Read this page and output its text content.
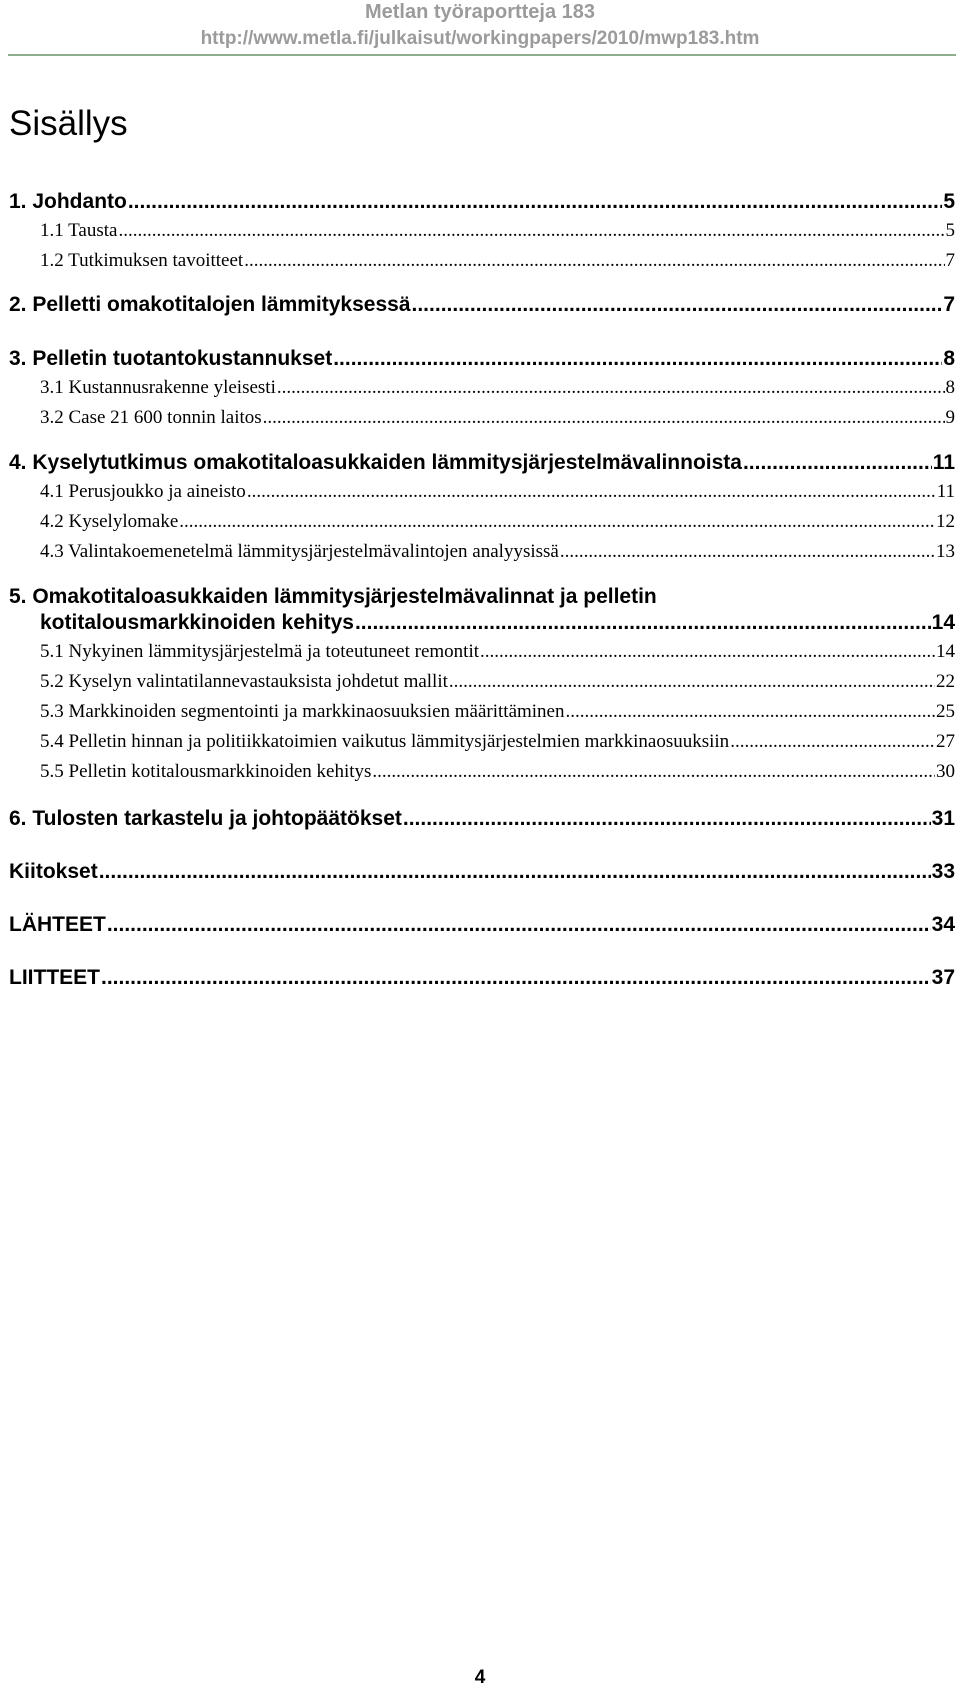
Metlan työraportteja 183
http://www.metla.fi/julkaisut/workingpapers/2010/mwp183.htm
Sisällys
1. Johdanto .....	5
1.1 Tausta .....	5
1.2 Tutkimuksen tavoitteet .....	7
2. Pelletti omakotitalojen lämmityksessä .....	7
3. Pelletin tuotantokustannukset .....	8
3.1 Kustannusrakenne yleisesti .....	8
3.2 Case 21 600 tonnin laitos .....	9
4. Kyselytutkimus omakotitaloasukkaiden lämmitysjärjestelmävalinnoista .....	11
4.1 Perusjoukko ja aineisto .....	11
4.2 Kyselylomake .....	12
4.3 Valintakoemenetelmä lämmitysjärjestelmävalintojen analyysissä .....	13
5. Omakotitaloasukkaiden lämmitysjärjestelmävalinnat ja pelletin
kotitalousmarkkinoiden kehitys .....	14
5.1 Nykyinen lämmitysjärjestelmä ja toteutuneet remontit .....	14
5.2 Kyselyn valintatilannevastauksista johdetut mallit .....	22
5.3 Markkinoiden segmentointi ja markkinaosuuksien määrittäminen .....	25
5.4 Pelletin hinnan ja politiikkatoimien vaikutus lämmitysjärjestelmien markkinaosuuksiin .....	27
5.5 Pelletin kotitalousmarkkinoiden kehitys .....	30
6. Tulosten tarkastelu ja johtopäätökset .....	31
Kiitokset .....	33
LÄHTEET .....	34
LIITTEET .....	37
4
